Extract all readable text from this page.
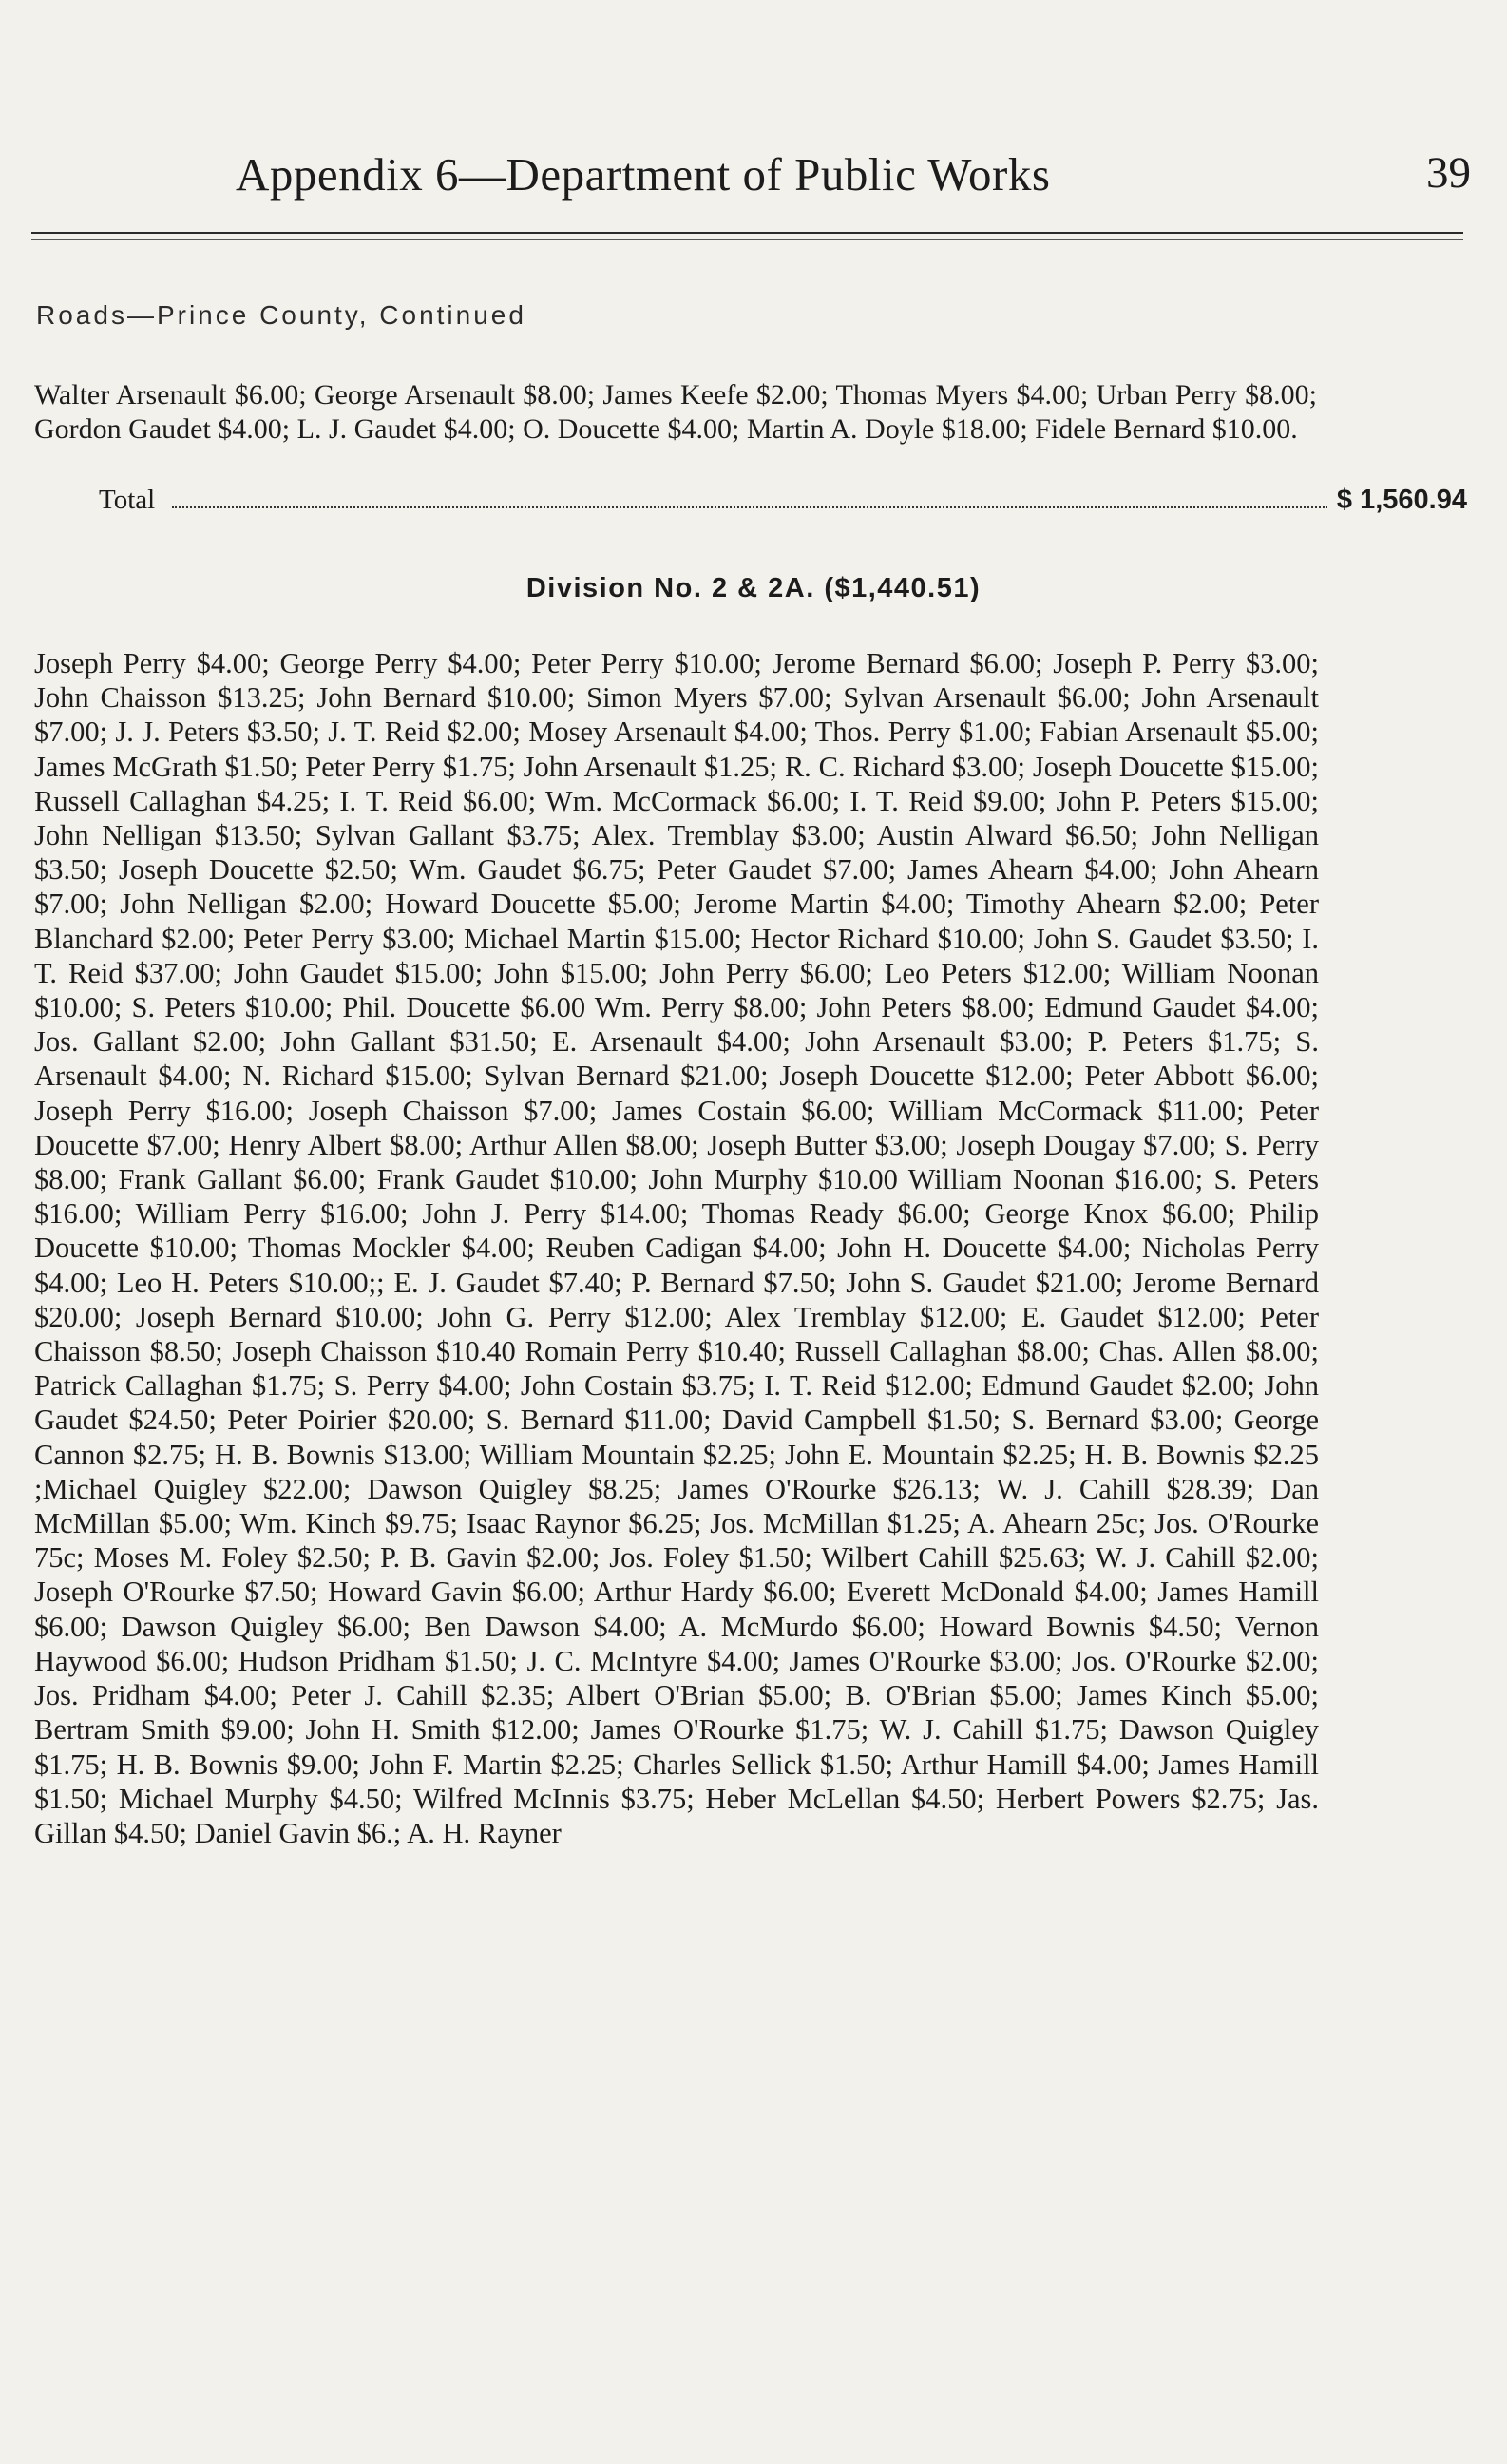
Appendix 6—Department of Public Works	39
Roads—Prince County, Continued
Walter Arsenault $6.00; George Arsenault $8.00; James Keefe $2.00; Thomas Myers $4.00; Urban Perry $8.00; Gordon Gaudet $4.00; L. J. Gaudet $4.00; O. Doucette $4.00; Martin A. Doyle $18.00; Fidele Bernard $10.00.
Total	$ 1,560.94
Division No. 2 & 2A. ($1,440.51)
Joseph Perry $4.00; George Perry $4.00; Peter Perry $10.00; Jerome Bernard $6.00; Joseph P. Perry $3.00; John Chaisson $13.25; John Bernard $10.00; Simon Myers $7.00; Sylvan Arsenault $6.00; John Arsenault $7.00; J. J. Peters $3.50; J. T. Reid $2.00; Mosey Arsenault $4.00; Thos. Perry $1.00; Fabian Arsenault $5.00; James McGrath $1.50; Peter Perry $1.75; John Arsenault $1.25; R. C. Richard $3.00; Joseph Doucette $15.00; Russell Callaghan $4.25; I. T. Reid $6.00; Wm. McCormack $6.00; I. T. Reid $9.00; John P. Peters $15.00; John Nelligan $13.50; Sylvan Gallant $3.75; Alex. Tremblay $3.00; Austin Alward $6.50; John Nelligan $3.50; Joseph Doucette $2.50; Wm. Gaudet $6.75; Peter Gaudet $7.00; James Ahearn $4.00; John Ahearn $7.00; John Nelligan $2.00; Howard Doucette $5.00; Jerome Martin $4.00; Timothy Ahearn $2.00; Peter Blanchard $2.00; Peter Perry $3.00; Michael Martin $15.00; Hector Richard $10.00; John S. Gaudet $3.50; I. T. Reid $37.00; John Gaudet $15.00; John $15.00; John Perry $6.00; Leo Peters $12.00; William Noonan $10.00; S. Peters $10.00; Phil. Doucette $6.00 Wm. Perry $8.00; John Peters $8.00; Edmund Gaudet $4.00; Jos. Gallant $2.00; John Gallant $31.50; E. Arsenault $4.00; John Arsenault $3.00; P. Peters $1.75; S. Arsenault $4.00; N. Richard $15.00; Sylvan Bernard $21.00; Joseph Doucette $12.00; Peter Abbott $6.00; Joseph Perry $16.00; Joseph Chaisson $7.00; James Costain $6.00; William McCormack $11.00; Peter Doucette $7.00; Henry Albert $8.00; Arthur Allen $8.00; Joseph Butter $3.00; Joseph Dougay $7.00; S. Perry $8.00; Frank Gallant $6.00; Frank Gaudet $10.00; John Murphy $10.00 William Noonan $16.00; S. Peters $16.00; William Perry $16.00; John J. Perry $14.00; Thomas Ready $6.00; George Knox $6.00; Philip Doucette $10.00; Thomas Mockler $4.00; Reuben Cadigan $4.00; John H. Doucette $4.00; Nicholas Perry $4.00; Leo H. Peters $10.00;; E. J. Gaudet $7.40; P. Bernard $7.50; John S. Gaudet $21.00; Jerome Bernard $20.00; Joseph Bernard $10.00; John G. Perry $12.00; Alex Tremblay $12.00; E. Gaudet $12.00; Peter Chaisson $8.50; Joseph Chaisson $10.40 Romain Perry $10.40; Russell Callaghan $8.00; Chas. Allen $8.00; Patrick Callaghan $1.75; S. Perry $4.00; John Costain $3.75; I. T. Reid $12.00; Edmund Gaudet $2.00; John Gaudet $24.50; Peter Poirier $20.00; S. Bernard $11.00; David Campbell $1.50; S. Bernard $3.00; George Cannon $2.75; H. B. Bownis $13.00; William Mountain $2.25; John E. Mountain $2.25; H. B. Bownis $2.25 ;Michael Quigley $22.00; Dawson Quigley $8.25; James O'Rourke $26.13; W. J. Cahill $28.39; Dan McMillan $5.00; Wm. Kinch $9.75; Isaac Raynor $6.25; Jos. McMillan $1.25; A. Ahearn 25c; Jos. O'Rourke 75c; Moses M. Foley $2.50; P. B. Gavin $2.00; Jos. Foley $1.50; Wilbert Cahill $25.63; W. J. Cahill $2.00; Joseph O'Rourke $7.50; Howard Gavin $6.00; Arthur Hardy $6.00; Everett McDonald $4.00; James Hamill $6.00; Dawson Quigley $6.00; Ben Dawson $4.00; A. McMurdo $6.00; Howard Bownis $4.50; Vernon Haywood $6.00; Hudson Pridham $1.50; J. C. McIntyre $4.00; James O'Rourke $3.00; Jos. O'Rourke $2.00; Jos. Pridham $4.00; Peter J. Cahill $2.35; Albert O'Brian $5.00; B. O'Brian $5.00; James Kinch $5.00; Bertram Smith $9.00; John H. Smith $12.00; James O'Rourke $1.75; W. J. Cahill $1.75; Dawson Quigley $1.75; H. B. Bownis $9.00; John F. Martin $2.25; Charles Sellick $1.50; Arthur Hamill $4.00; James Hamill $1.50; Michael Murphy $4.50; Wilfred McInnis $3.75; Heber McLellan $4.50; Herbert Powers $2.75; Jas. Gillan $4.50; Daniel Gavin $6.; A. H. Rayner
